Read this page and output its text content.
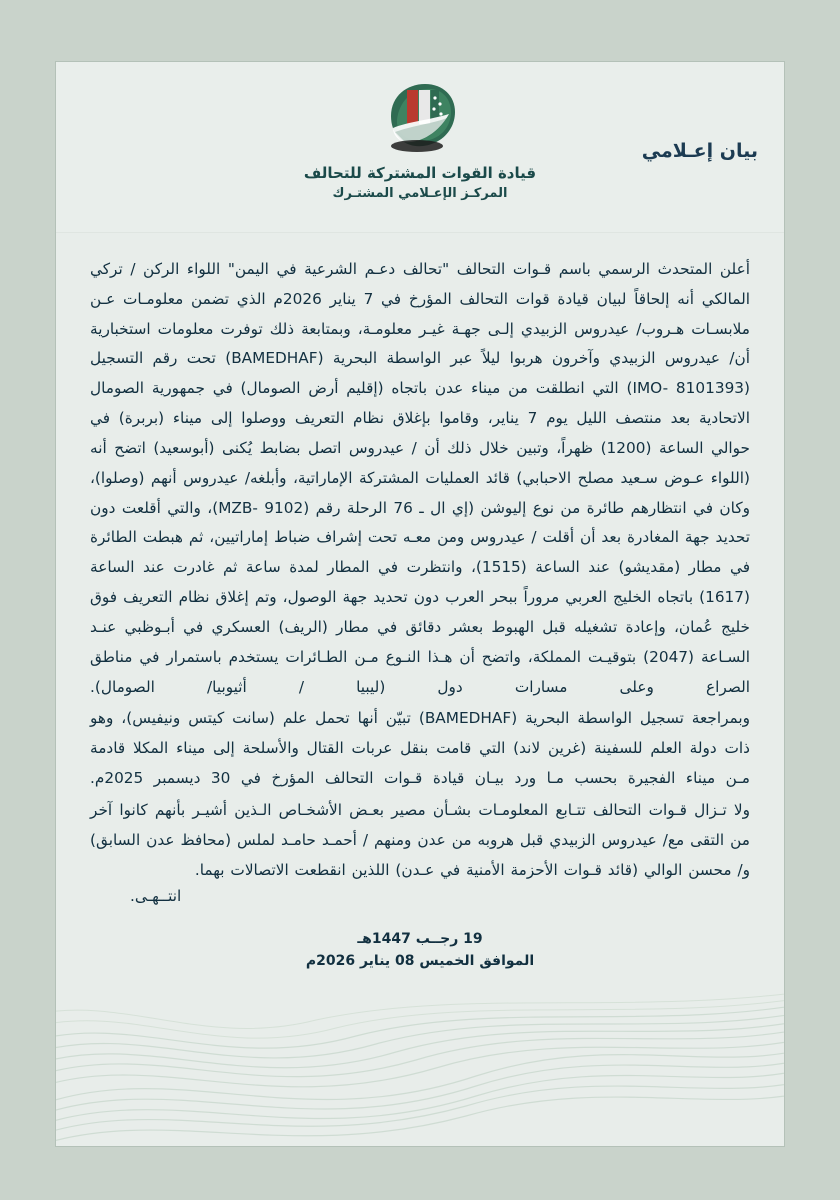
بيان إعـلامي
قيادة القوات المشتركة للتحالف
المركـز الإعـلامي المشتـرك

أعلن المتحدث الرسمي باسم قـوات التحالف "تحالف دعـم الشرعية في اليمن" اللواء الركن / تركي المالكي أنه إلحاقاً لبيان قيادة قوات التحالف المؤرخ في 7 يناير 2026م الذي تضمن معلومـات عـن ملابسـات هـروب/ عيدروس الزبيدي إلـى جهـة غيـر معلومـة، وبمتابعة ذلك توفرت معلومات استخبارية أن/ عيدروس الزبيدي وآخرون هربوا ليلاً عبر الواسطة البحرية (BAMEDHAF) تحت رقم التسجيل (IMO- 8101393) التي انطلقت من ميناء عدن باتجاه (إقليم أرض الصومال) في جمهورية الصومال الاتحادية بعد منتصف الليل يوم 7 يناير، وقاموا بإغلاق نظام التعريف ووصلوا إلى ميناء (بربرة) في حوالي الساعة (1200) ظهراً، وتبين خلال ذلك أن / عيدروس اتصل بضابط يُكنى (أبوسعيد) اتضح أنه (اللواء عـوض سـعيد مصلح الاحبابي) قائد العمليات المشتركة الإماراتية، وأبلغه/ عيدروس أنهم (وصلوا)، وكان في انتظارهم طائرة من نوع إليوشن (إي ال ـ 76 الرحلة رقم (MZB- 9102)، والتي أقلعت دون تحديد جهة المغادرة بعد أن أقلت / عيدروس ومن معـه تحت إشراف ضباط إماراتيين، ثم هبطت الطائرة في مطار (مقديشو) عند الساعة (1515)، وانتظرت في المطار لمدة ساعة ثم غادرت عند الساعة (1617) باتجاه الخليج العربي مروراً ببحر العرب دون تحديد جهة الوصول، وتم إغلاق نظام التعريف فوق خليج عُمان، وإعادة تشغيله قبل الهبوط بعشر دقائق في مطار (الريف) العسكري في أبـوظبي عنـد السـاعة (2047) بتوقيـت المملكة، واتضح أن هـذا النـوع مـن الطـائرات يستخدم باستمرار في مناطق الصراع وعلى مسارات دول (ليبيا / أثيوبيا/ الصومال).

وبمراجعة تسجيل الواسطة البحرية (BAMEDHAF) تبيّن أنها تحمل علم (سانت كيتس ونيفيس)، وهو ذات دولة العلم للسفينة (غرين لاند) التي قامت بنقل عربات القتال والأسلحة إلى ميناء المكلا قادمة مـن ميناء الفجيرة بحسب مـا ورد بيـان قيادة قـوات التحالف المؤرخ في 30 ديسمبر 2025م.

ولا تـزال قـوات التحالف تتـابع المعلومـات بشـأن مصير بعـض الأشخـاص الـذين أشيـر بأنهم كانوا آخر من التقى مع/ عيدروس الزبيدي قبل هروبه من عدن ومنهم / أحمـد حامـد لملس (محافظ عدن السابق) و/ محسن الوالي (قائد قـوات الأحزمة الأمنية في عـدن) اللذين انقطعت الاتصالات بهما.

انتــهـى.
19 رجــب 1447هـ
الموافق الخميس 08 يناير 2026م
